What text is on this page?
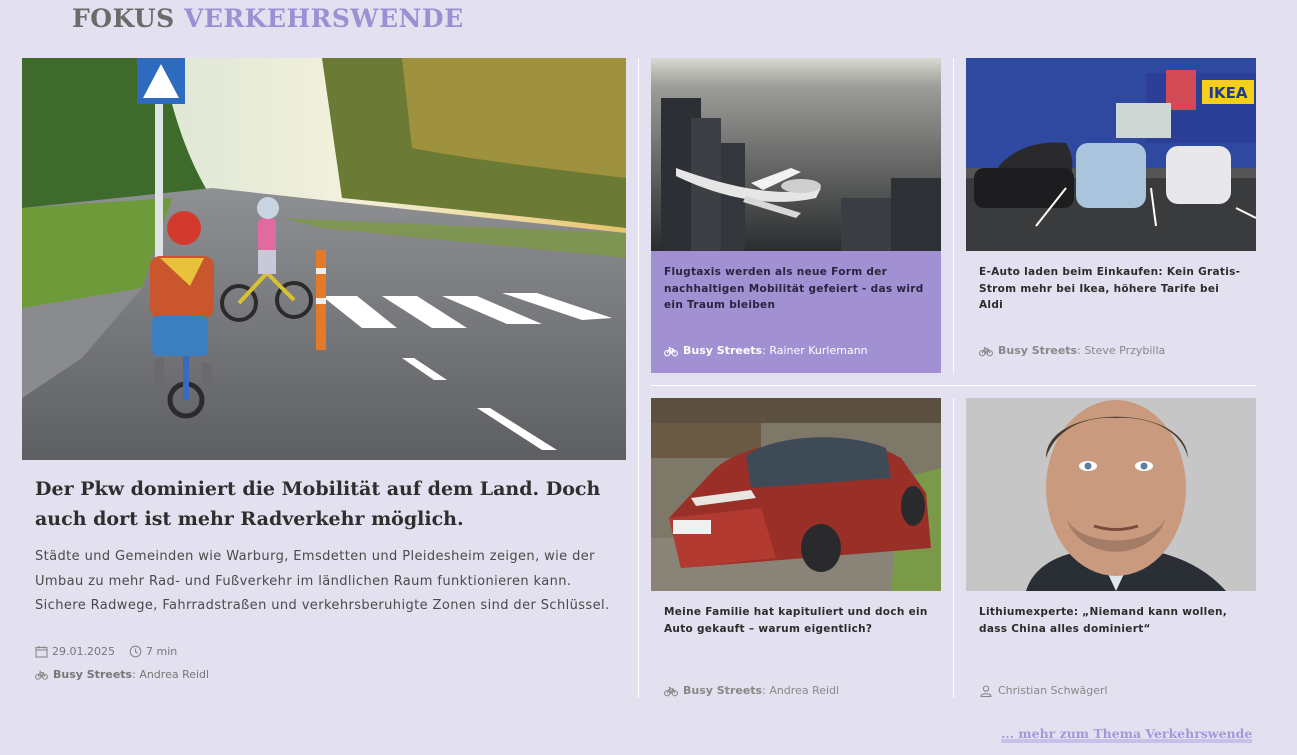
FOKUS VERKEHRSWENDE
Der Pkw dominiert die Mobilität auf dem Land. Doch auch dort ist mehr Radverkehr möglich.

Städte und Gemeinden wie Warburg, Emsdetten und Pleidesheim zeigen, wie der Umbau zu mehr Rad- und Fußverkehr im ländlichen Raum funktionieren kann. Sichere Radwege, Fahrradstraßen und verkehrsberuhigte Zonen sind der Schlüssel.

29.01.2025	7 min
Busy Streets : Andrea Reidl

Flugtaxis werden als neue Form der nachhaltigen Mobilität gefeiert - das wird ein Traum bleiben

Busy Streets : Rainer Kurlemann
IKEA

E-Auto laden beim Einkaufen: Kein Gratis-Strom mehr bei Ikea, höhere Tarife bei Aldi

Busy Streets : Steve Przybilla

Meine Familie hat kapituliert und doch ein Auto gekauft – warum eigentlich?

Busy Streets : Andrea Reidl

Lithiumexperte: „Niemand kann wollen, dass China alles dominiert“

Christian Schwägerl
... mehr zum Thema Verkehrswende
